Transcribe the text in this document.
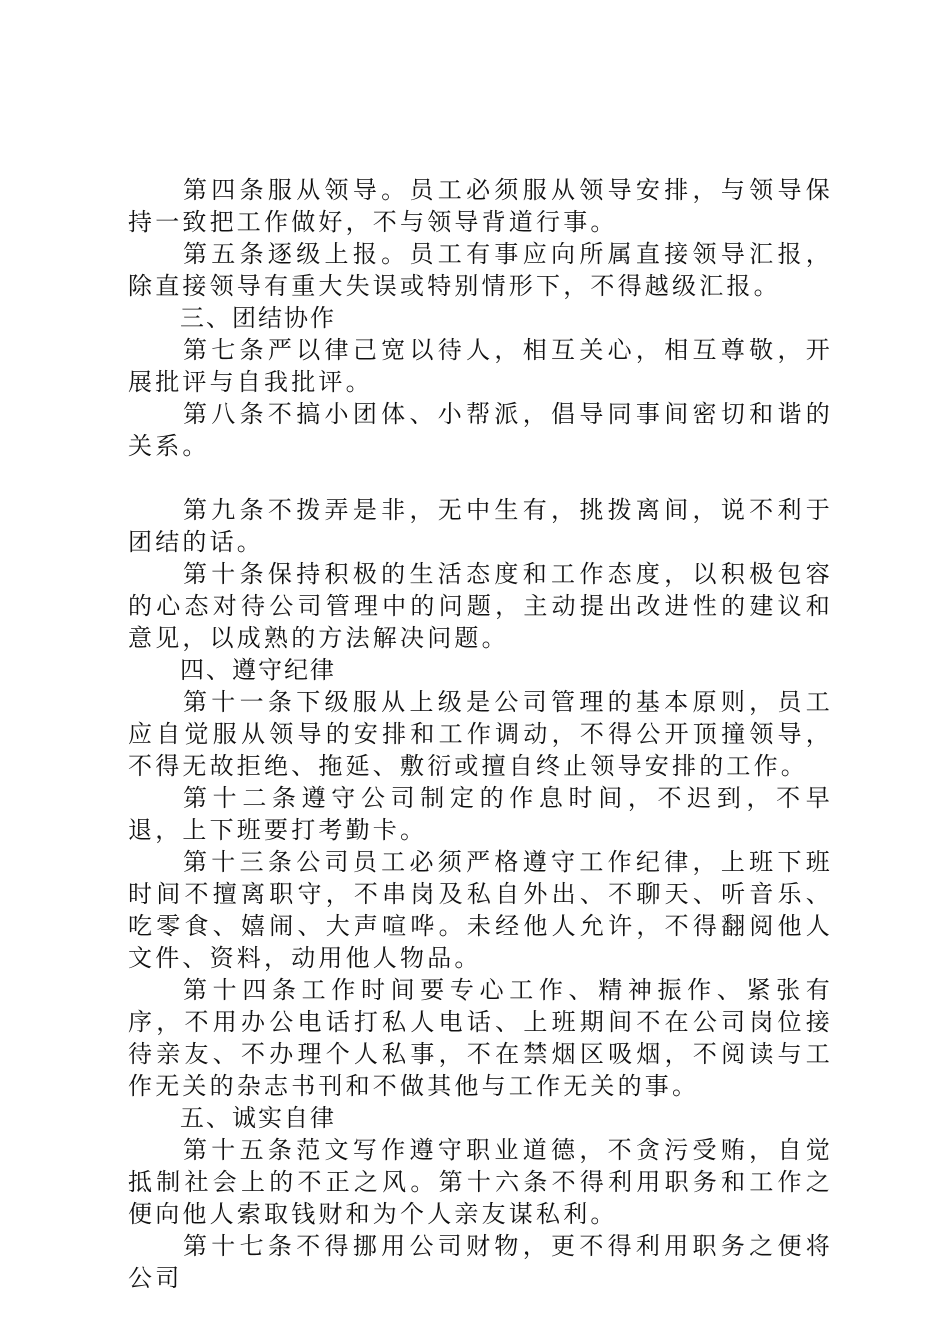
第四条服从领导。员工必须服从领导安排，与领导保持一致把工作做好，不与领导背道行事。

第五条逐级上报。员工有事应向所属直接领导汇报，除直接领导有重大失误或特别情形下，不得越级汇报。

三、团结协作

第七条严以律己宽以待人，相互关心，相互尊敬，开展批评与自我批评。

第八条不搞小团体、小帮派，倡导同事间密切和谐的关系。

第九条不拨弄是非，无中生有，挑拨离间，说不利于团结的话。

第十条保持积极的生活态度和工作态度，以积极包容的心态对待公司管理中的问题，主动提出改进性的建议和意见，以成熟的方法解决问题。

四、遵守纪律

第十一条下级服从上级是公司管理的基本原则，员工应自觉服从领导的安排和工作调动，不得公开顶撞领导，不得无故拒绝、拖延、敷衍或擅自终止领导安排的工作。

第十二条遵守公司制定的作息时间，不迟到，不早退，上下班要打考勤卡。

第十三条公司员工必须严格遵守工作纪律，上班下班时间不擅离职守，不串岗及私自外出、不聊天、听音乐、吃零食、嬉闹、大声喧哗。未经他人允许，不得翻阅他人文件、资料，动用他人物品。

第十四条工作时间要专心工作、精神振作、紧张有序，不用办公电话打私人电话、上班期间不在公司岗位接待亲友、不办理个人私事，不在禁烟区吸烟，不阅读与工作无关的杂志书刊和不做其他与工作无关的事。

五、诚实自律

第十五条范文写作遵守职业道德，不贪污受贿，自觉抵制社会上的不正之风。第十六条不得利用职务和工作之便向他人索取钱财和为个人亲友谋私利。

第十七条不得挪用公司财物，更不得利用职务之便将公司
